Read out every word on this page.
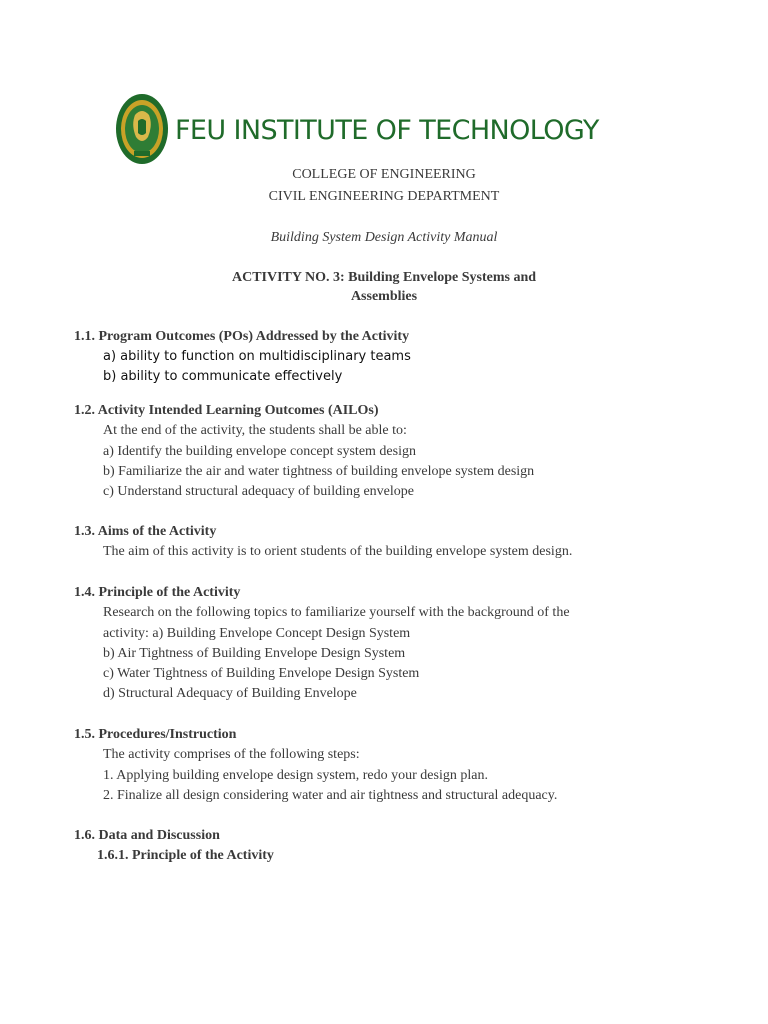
FEU INSTITUTE OF TECHNOLOGY
COLLEGE OF ENGINEERING
CIVIL ENGINEERING DEPARTMENT
Building System Design Activity Manual
ACTIVITY NO. 3: Building Envelope Systems and
Assemblies
1.1. Program Outcomes (POs) Addressed by the Activity
a) ability to function on multidisciplinary teams
b) ability to communicate effectively
1.2. Activity Intended Learning Outcomes (AILOs)
At the end of the activity, the students shall be able to:
a) Identify the building envelope concept system design
b) Familiarize the air and water tightness of building envelope system design
c) Understand structural adequacy of building envelope
1.3. Aims of the Activity
The aim of this activity is to orient students of the building envelope system design.
1.4. Principle of the Activity
Research on the following topics to familiarize yourself with the background of the
activity: a) Building Envelope Concept Design System
b) Air Tightness of Building Envelope Design System
c) Water Tightness of Building Envelope Design System
d) Structural Adequacy of Building Envelope
1.5. Procedures/Instruction
The activity comprises of the following steps:
1. Applying building envelope design system, redo your design plan.
2. Finalize all design considering water and air tightness and structural adequacy.
1.6. Data and Discussion
1.6.1. Principle of the Activity
